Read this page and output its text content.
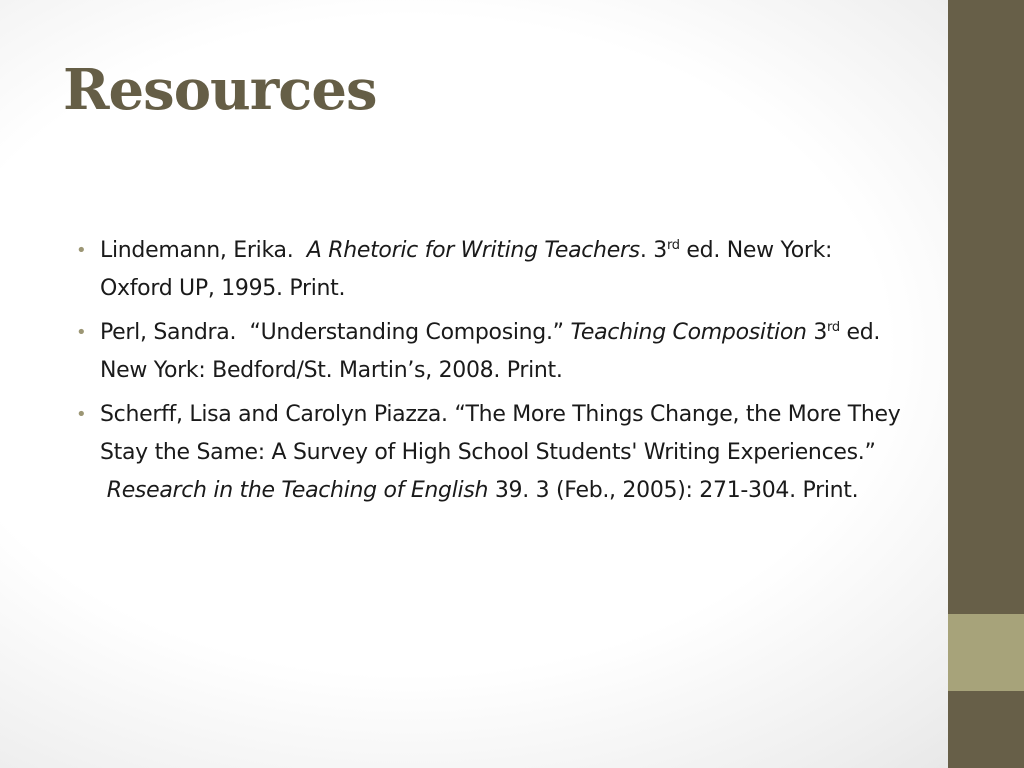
Resources
• Lindemann, Erika. A Rhetoric for Writing Teachers. 3rd ed. New York: Oxford UP, 1995. Print.
• Perl, Sandra. “Understanding Composing.” Teaching Composition 3rd ed. New York: Bedford/St. Martin’s, 2008. Print.
• Scherff, Lisa and Carolyn Piazza. “The More Things Change, the More They Stay the Same: A Survey of High School Students' Writing Experiences.” Research in the Teaching of English 39. 3 (Feb., 2005): 271-304. Print.
